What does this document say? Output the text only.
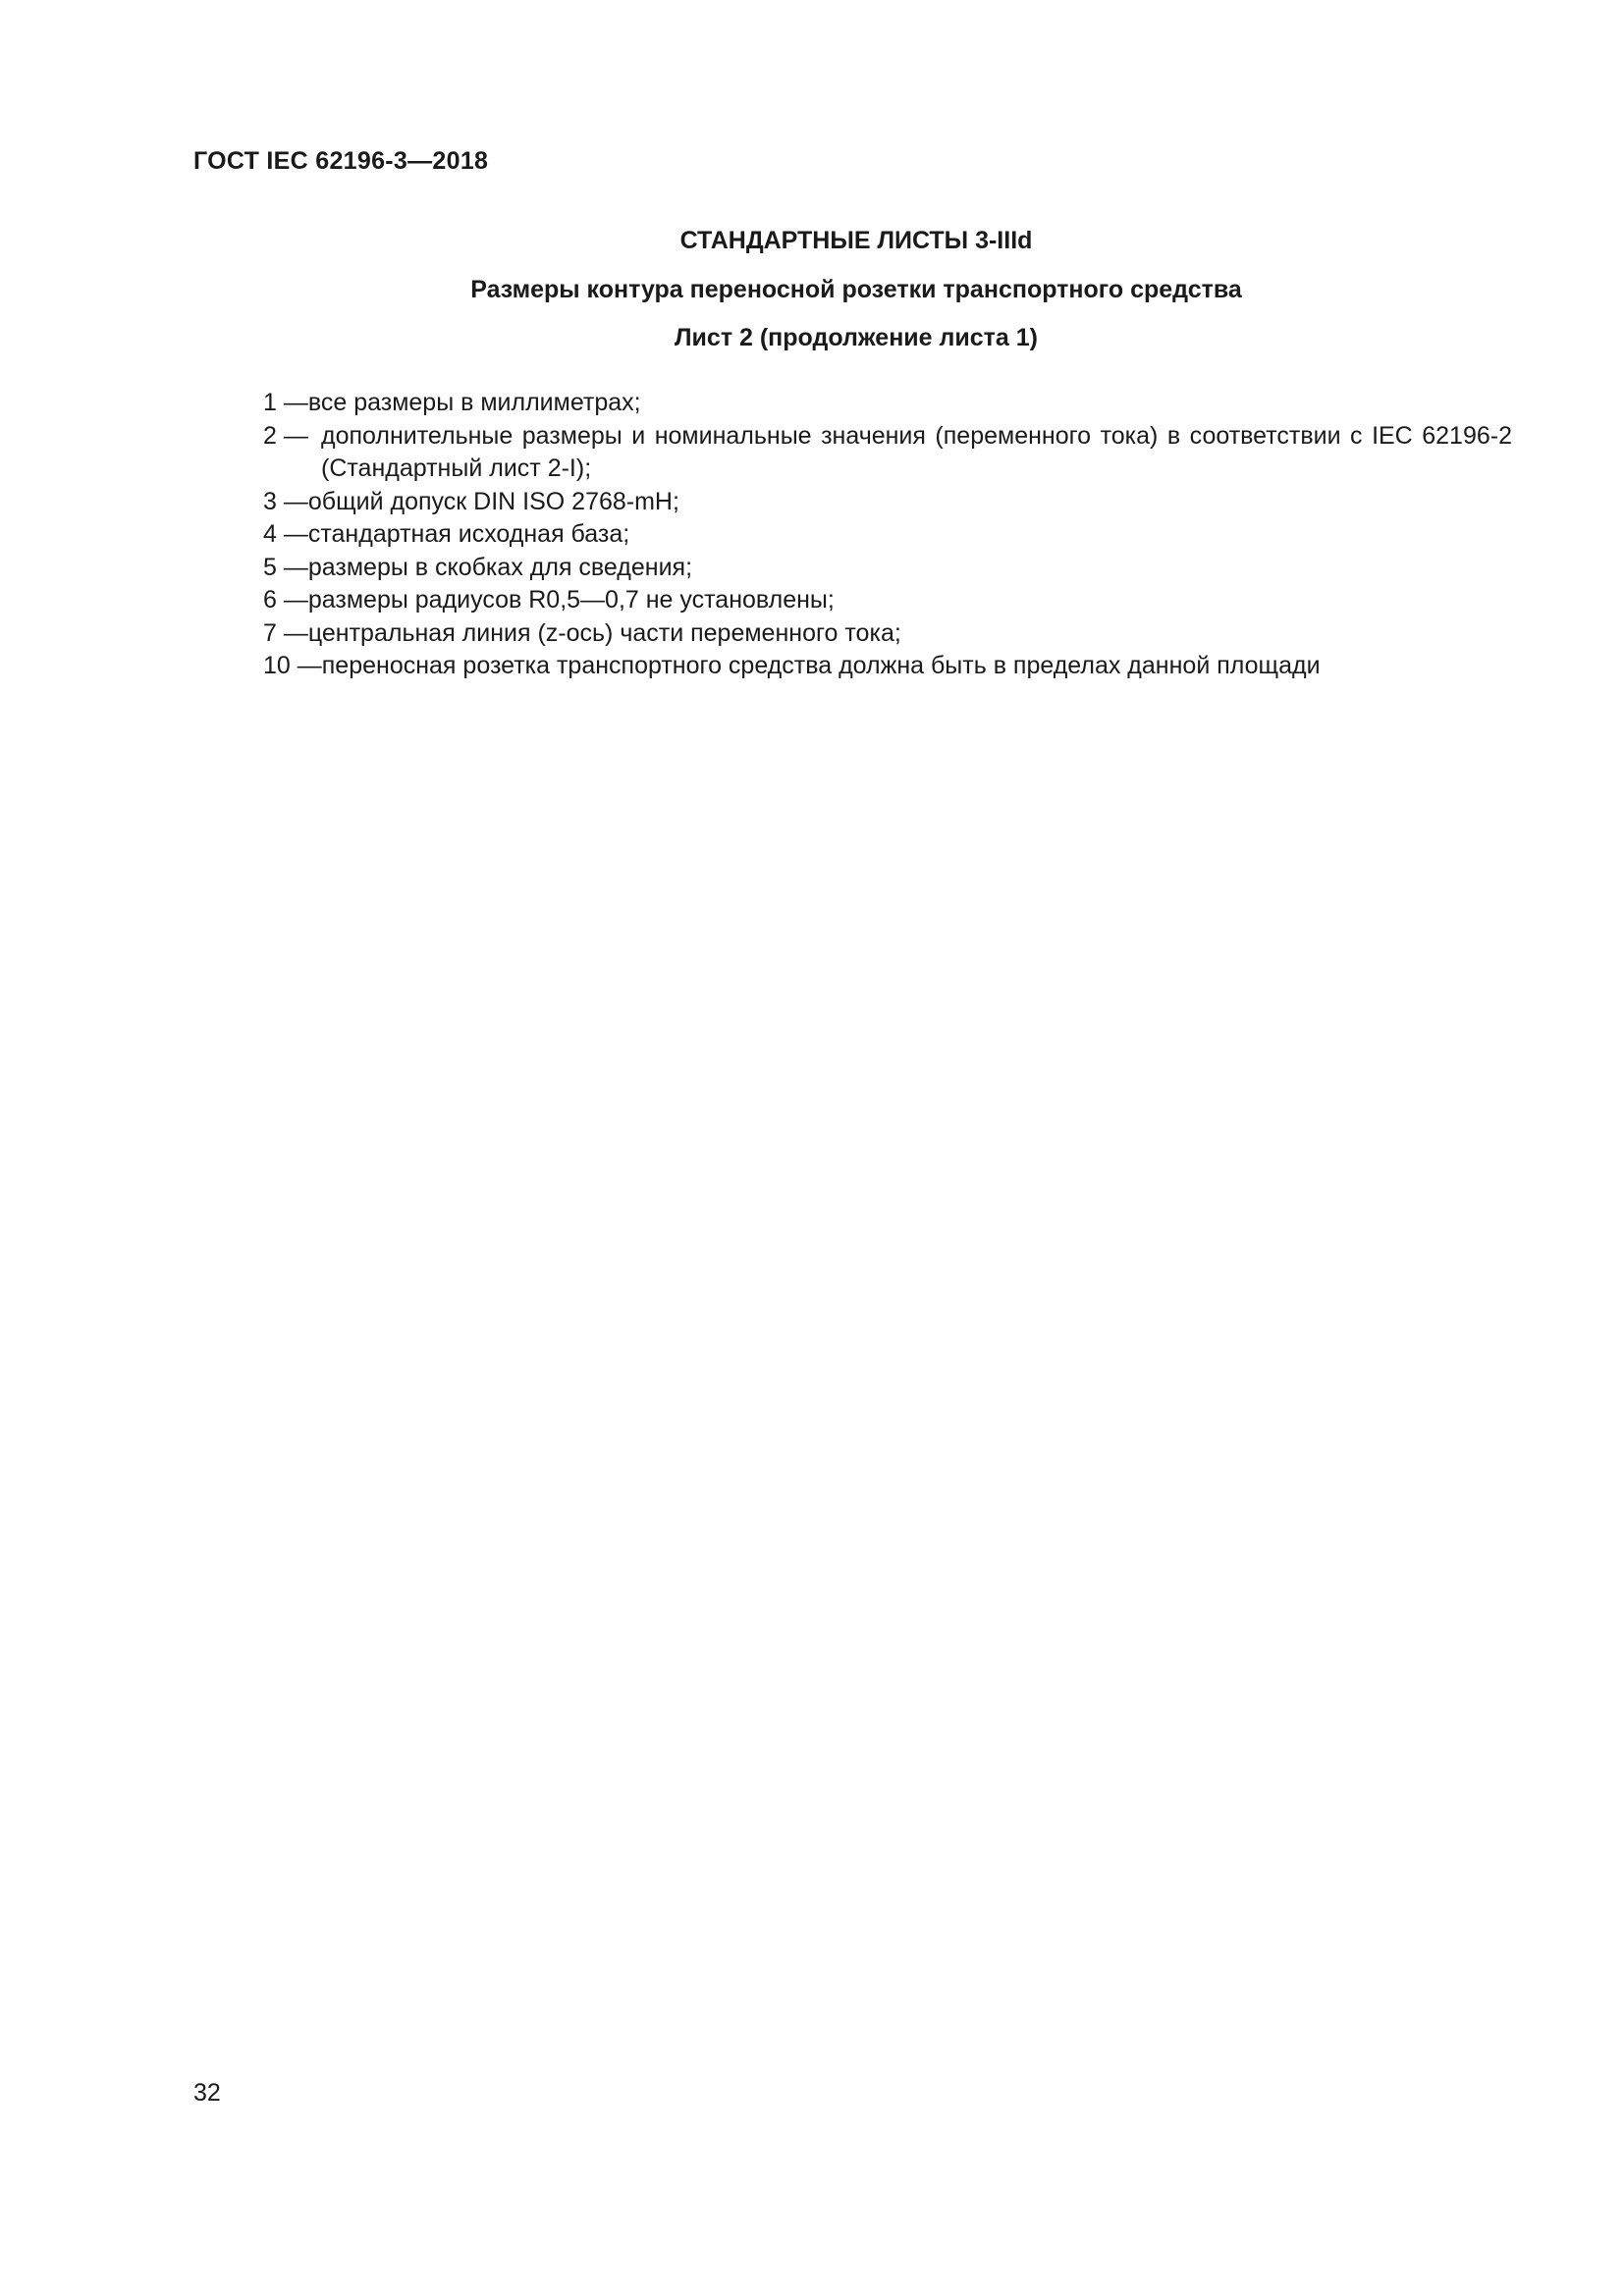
ГОСТ IEC 62196-3—2018
СТАНДАРТНЫЕ ЛИСТЫ 3-IIId
Размеры контура переносной розетки транспортного средства
Лист 2 (продолжение листа 1)
1 — все размеры в миллиметрах;
2 — дополнительные размеры и номинальные значения (переменного тока) в соответствии с IEC 62196-2 (Стандартный лист 2-I);
3 — общий допуск DIN ISO 2768-mH;
4 — стандартная исходная база;
5 — размеры в скобках для сведения;
6 — размеры радиусов R0,5—0,7 не установлены;
7 — центральная линия (z-ось) части переменного тока;
10 — переносная розетка транспортного средства должна быть в пределах данной площади
32
